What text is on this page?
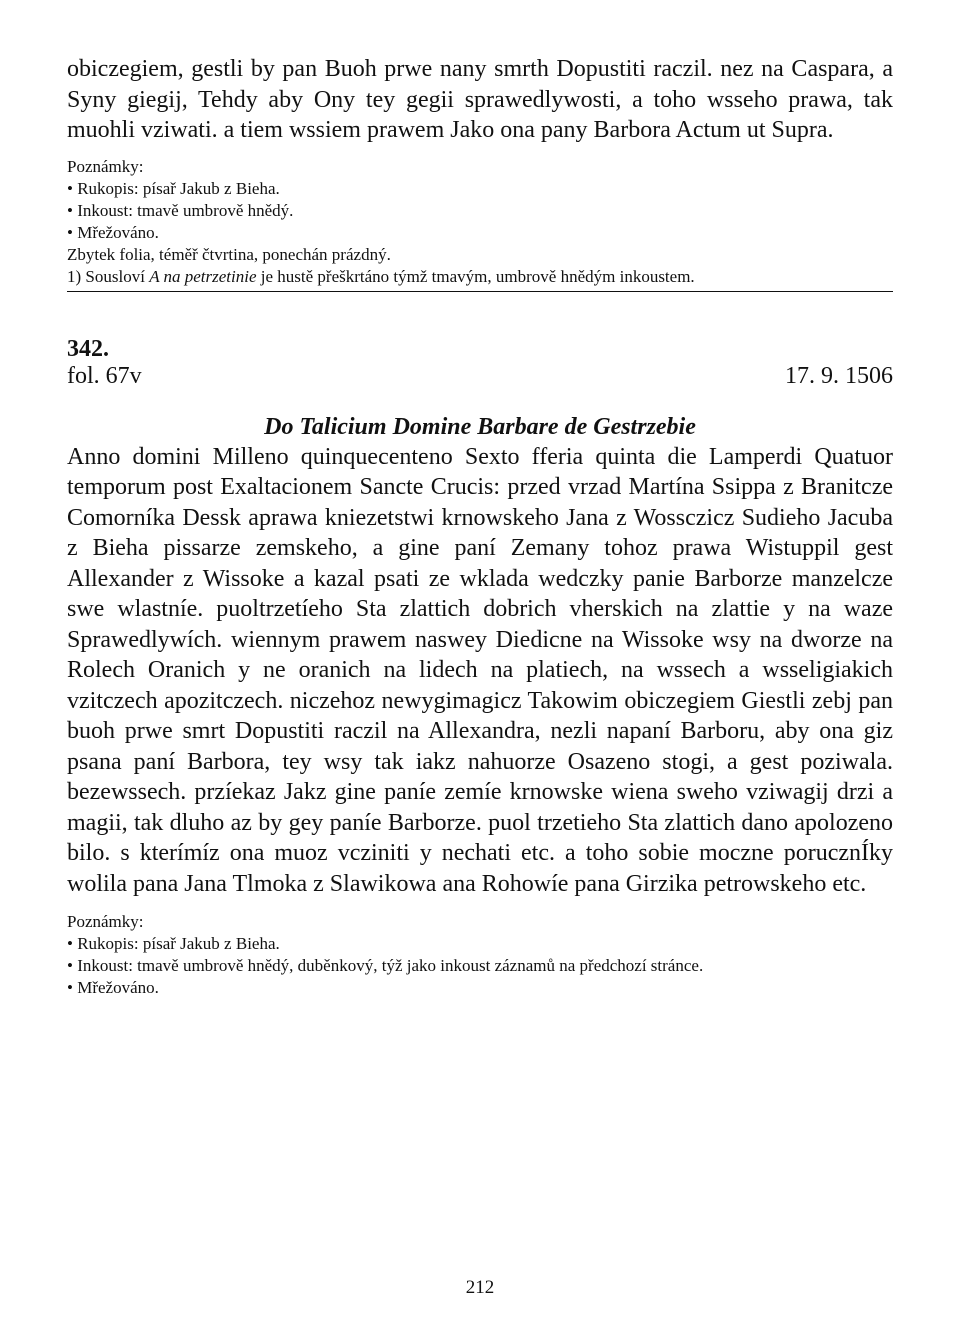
obiczegiem, gestli by pan Buoh prwe nany smrth Dopustiti raczil. nez na Caspara, a Syny giegij, Tehdy aby Ony tey gegii sprawedlywosti, a toho wsseho prawa, tak muohli vziwati. a tiem wssiem prawem Jako ona pany Barbora Actum ut Supra.

Poznámky:

• Rukopis: písař Jakub z Bieha.

• Inkoust: tmavě umbrově hnědý.

• Mřežováno.

Zbytek folia, téměř čtvrtina, ponechán prázdný.

1) Sousloví A na petrzetinie je hustě přeškrtáno týmž tmavým, umbrově hnědým inkoustem.

342.
fol. 67v	17. 9. 1506
Do Talicium Domine Barbare de Gestrzebie

Anno domini Milleno quinquecenteno Sexto fferia quinta die Lamperdi Quatuor temporum post Exaltacionem Sancte Crucis: przed vrzad Martína Ssippa z Branitcze Comorníka Dessk aprawa kniezetstwi krnowskeho Jana z Wossczicz Sudieho Jacuba z Bieha pissarze zemskeho, a gine paní Zemany tohoz prawa Wistuppil gest Allexander z Wissoke a kazal psati ze wklada wedczky panie Barborze manzelcze swe wlastníe. puoltrzetíeho Sta zlattich dobrich vherskich na zlattie y na waze Sprawedlywích. wiennym prawem naswey Diedicne na Wissoke wsy na dworze na Rolech Oranich y ne oranich na lidech na platiech, na wssech a wsseligiakich vzitczech apozitczech. niczehoz newygimagicz Takowim obiczegiem Giestli zebj pan buoh prwe smrt Dopustiti raczil na Allexandra, nezli napaní Barboru, aby ona giz psana paní Barbora, tey wsy tak iakz nahuorze Osazeno stogi, a gest poziwala. bezewssech. przíekaz Jakz gine paníe zemíe krnowske wiena sweho vziwagij drzi a magii, tak dluho az by gey paníe Barborze. puol trzetieho Sta zlattich dano apolozeno bilo. s kterímíz ona muoz vcziniti y nechati etc. a toho sobie moczne porucznÍky wolila pana Jana Tlmoka z Slawikowa ana Rohowíe pana Girzika petrowskeho etc.

Poznámky:

• Rukopis: písař Jakub z Bieha.

• Inkoust: tmavě umbrově hnědý, duběnkový, týž jako inkoust záznamů na předchozí stránce.

• Mřežováno.

212
